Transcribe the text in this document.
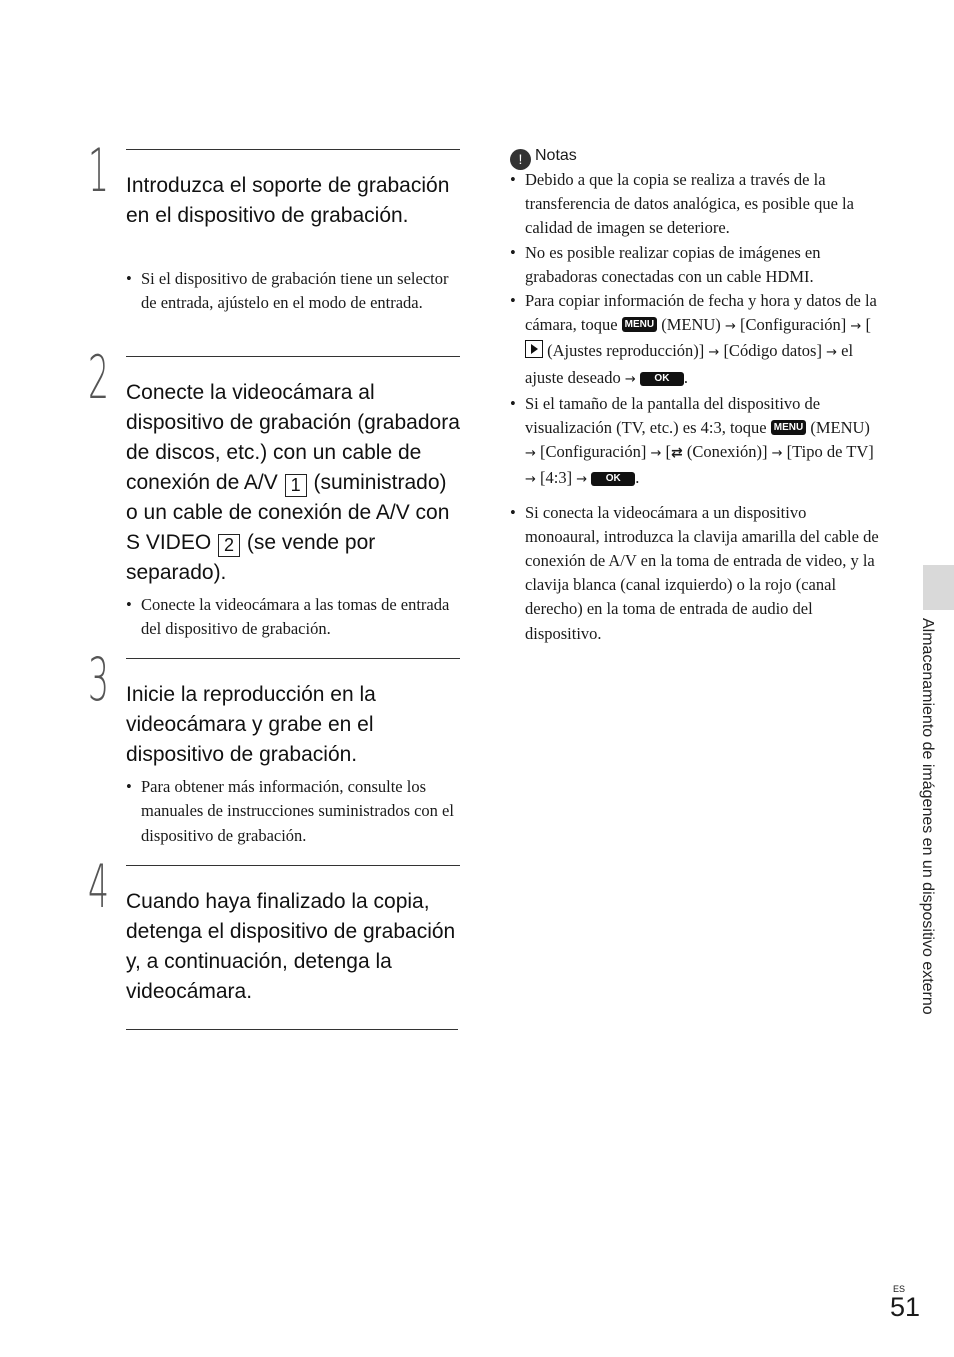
1 Introduzca el soporte de grabación en el dispositivo de grabación.

• Si el dispositivo de grabación tiene un selector de entrada, ajústelo en el modo de entrada.
2 Conecte la videocámara al dispositivo de grabación (grabadora de discos, etc.) con un cable de conexión de A/V 1 (suministrado) o un cable de conexión de A/V con S VIDEO 2 (se vende por separado).

• Conecte la videocámara a las tomas de entrada del dispositivo de grabación.
3 Inicie la reproducción en la videocámara y grabe en el dispositivo de grabación.

• Para obtener más información, consulte los manuales de instrucciones suministrados con el dispositivo de grabación.
4 Cuando haya finalizado la copia, detenga el dispositivo de grabación y, a continuación, detenga la videocámara.

! Notas
• Debido a que la copia se realiza a través de la transferencia de datos analógica, es posible que la calidad de imagen se deteriore.
• No es posible realizar copias de imágenes en grabadoras conectadas con un cable HDMI.
• Para copiar información de fecha y hora y datos de la cámara, toque MENU (MENU) → [Configuración] → [ (Ajustes reproducción)] → [Código datos] → el ajuste deseado → OK .
• Si el tamaño de la pantalla del dispositivo de visualización (TV, etc.) es 4:3, toque MENU (MENU) → [Configuración] → [⇄ (Conexión)] → [Tipo de TV] → [4:3] → OK .
• Si conecta la videocámara a un dispositivo monoaural, introduzca la clavija amarilla del cable de conexión de A/V en la toma de entrada de video, y la clavija blanca (canal izquierdo) o la rojo (canal derecho) en la toma de entrada de audio del dispositivo.	Almacenamiento de imágenes en un dispositivo externo
ES
51
